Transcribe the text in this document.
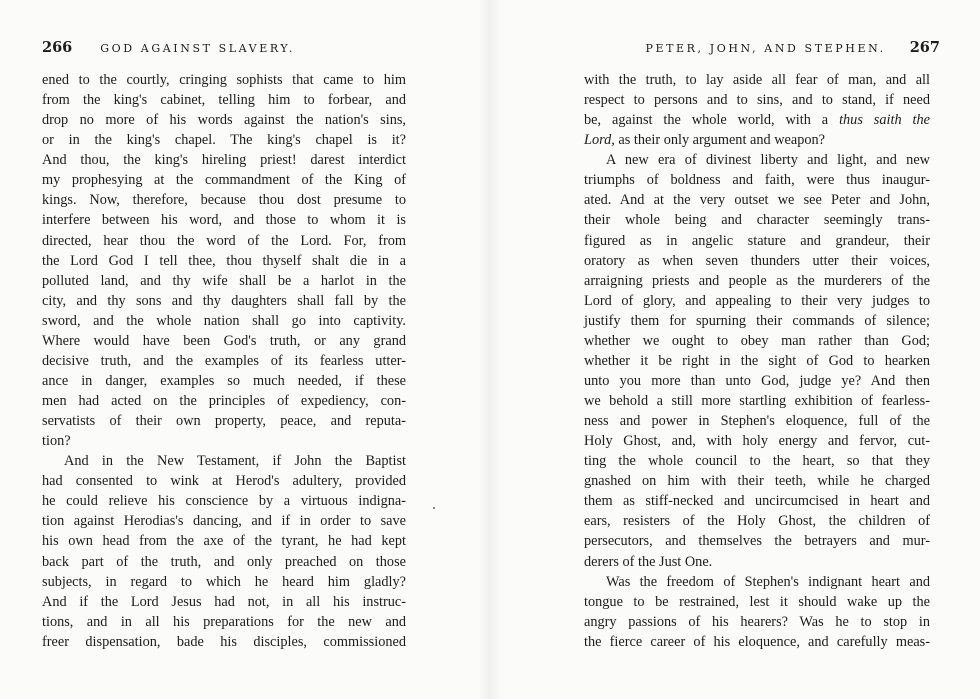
266	GOD AGAINST SLAVERY.
ened to the courtly, cringing sophists that came to him
from the king's cabinet, telling him to forbear, and
drop no more of his words against the nation's sins,
or in the king's chapel. The king's chapel is it?
And thou, the king's hireling priest! darest interdict
my prophesying at the commandment of the King of
kings. Now, therefore, because thou dost presume to
interfere between his word, and those to whom it is
directed, hear thou the word of the Lord. For, from
the Lord God I tell thee, thou thyself shalt die in a
polluted land, and thy wife shall be a harlot in the
city, and thy sons and thy daughters shall fall by the
sword, and the whole nation shall go into captivity.
Where would have been God's truth, or any grand
decisive truth, and the examples of its fearless utter-
ance in danger, examples so much needed, if these
men had acted on the principles of expediency, con-
servatists of their own property, peace, and reputa-
tion?
And in the New Testament, if John the Baptist
had consented to wink at Herod's adultery, provided
he could relieve his conscience by a virtuous indigna-
tion against Herodias's dancing, and if in order to save
his own head from the axe of the tyrant, he had kept
back part of the truth, and only preached on those
subjects, in regard to which he heard him gladly?
And if the Lord Jesus had not, in all his instruc-
tions, and in all his preparations for the new and
freer dispensation, bade his disciples, commissioned
PETER, JOHN, AND STEPHEN. 267
with the truth, to lay aside all fear of man, and all
respect to persons and to sins, and to stand, if need
be, against the whole world, with a thus saith the
Lord, as their only argument and weapon?
A new era of divinest liberty and light, and new
triumphs of boldness and faith, were thus inaugur-
ated. And at the very outset we see Peter and John,
their whole being and character seemingly trans-
figured as in angelic stature and grandeur, their
oratory as when seven thunders utter their voices,
arraigning priests and people as the murderers of the
Lord of glory, and appealing to their very judges to
justify them for spurning their commands of silence;
whether we ought to obey man rather than God;
whether it be right in the sight of God to hearken
unto you more than unto God, judge ye? And then
we behold a still more startling exhibition of fearless-
ness and power in Stephen's eloquence, full of the
Holy Ghost, and, with holy energy and fervor, cut-
ting the whole council to the heart, so that they
gnashed on him with their teeth, while he charged
them as stiff-necked and uncircumcised in heart and
ears, resisters of the Holy Ghost, the children of
persecutors, and themselves the betrayers and mur-
derers of the Just One.
Was the freedom of Stephen's indignant heart and
tongue to be restrained, lest it should wake up the
angry passions of his hearers? Was he to stop in
the fierce career of his eloquence, and carefully meas-
